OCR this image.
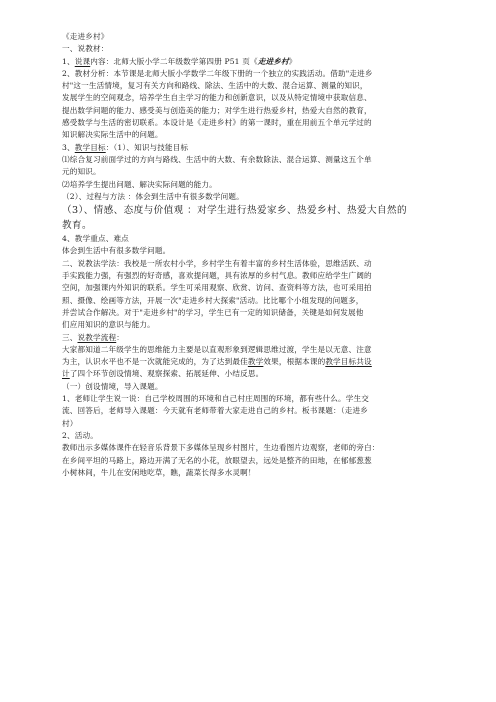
《走进乡村》
一、说教材：
1、说课内容：北师大版小学二年级数学第四册 P51 页《走进乡村》
2、教材分析：本节课是北师大版小学数学二年级下册的一个独立的实践活动。借助"走进乡
村"这一生活情境，复习有关方向和路线、除法、生活中的大数、混合运算、测量的知识，
发展学生的空间观念，培养学生自主学习的能力和创新意识，以及从特定情境中获取信息、
提出数学问题的能力、感受美与创造美的能力；对学生进行热爱乡村，热爱大自然的教育，
感受数学与生活的密切联系。本设计是《走进乡村》的第一课时，重在用前五个单元学过的
知识解决实际生活中的问题。
3、教学目标：（1）、知识与技能目标
⑴综合复习前面学过的方向与路线、生活中的大数、有余数除法、混合运算、测量这五个单
元的知识。
⑵培养学生提出问题、解决实际问题的能力。
（2）、过程与方法 ：体会到生活中有很多数学问题。
（3）、情感、态度与价值观 ：对学生进行热爱家乡、热爱乡村、热爱大自然的
教育。
4、教学重点、难点
体会到生活中有很多数学问题。
二、说教法学法：我校是一所农村小学，乡村学生有着丰富的乡村生活体验，思维活跃、动
手实践能力强，有强烈的好奇感，喜欢提问题，具有浓厚的乡村气息。教师应给学生广阔的
空间，加强课内外知识的联系。学生可采用观察、欣赏、访问、查资料等方法，也可采用拍
照、摄像、绘画等方法，开展一次"走进乡村大探索"活动。比比哪个小组发现的问题多，
并尝试合作解决。对于"走进乡村"的学习，学生已有一定的知识储备，关键是如何发展他
们应用知识的意识与能力。
三、说教学流程：
大家都知道二年级学生的思维能力主要是以直观形象到逻辑思维过渡，学生是以无意、注意
为主，认识水平也不是一次就能完成的，为了达到最佳教学效果，根据本课的教学目标共设
计了四个环节创设情境、观察探索、拓展延伸、小结反思。
（一）创设情境，导入课题。
1、老师让学生说一说：自己学校周围的环境和自己村庄周围的环境，都有些什么。学生交
流、回答后，老师导入课题：今天就有老师带着大家走进自己的乡村。板书课题：（走进乡
村）
2、活动。
教师出示多媒体课件在轻音乐背景下多媒体呈现乡村图片，生边看图片边观察，老师的旁白：
在乡间平坦的马路上，路边开满了无名的小花，放眼望去，远处是整齐的田地，在郁郁葱葱
小树林间，牛儿在安闲地吃草，瞧，蔬菜长得多水灵啊！
